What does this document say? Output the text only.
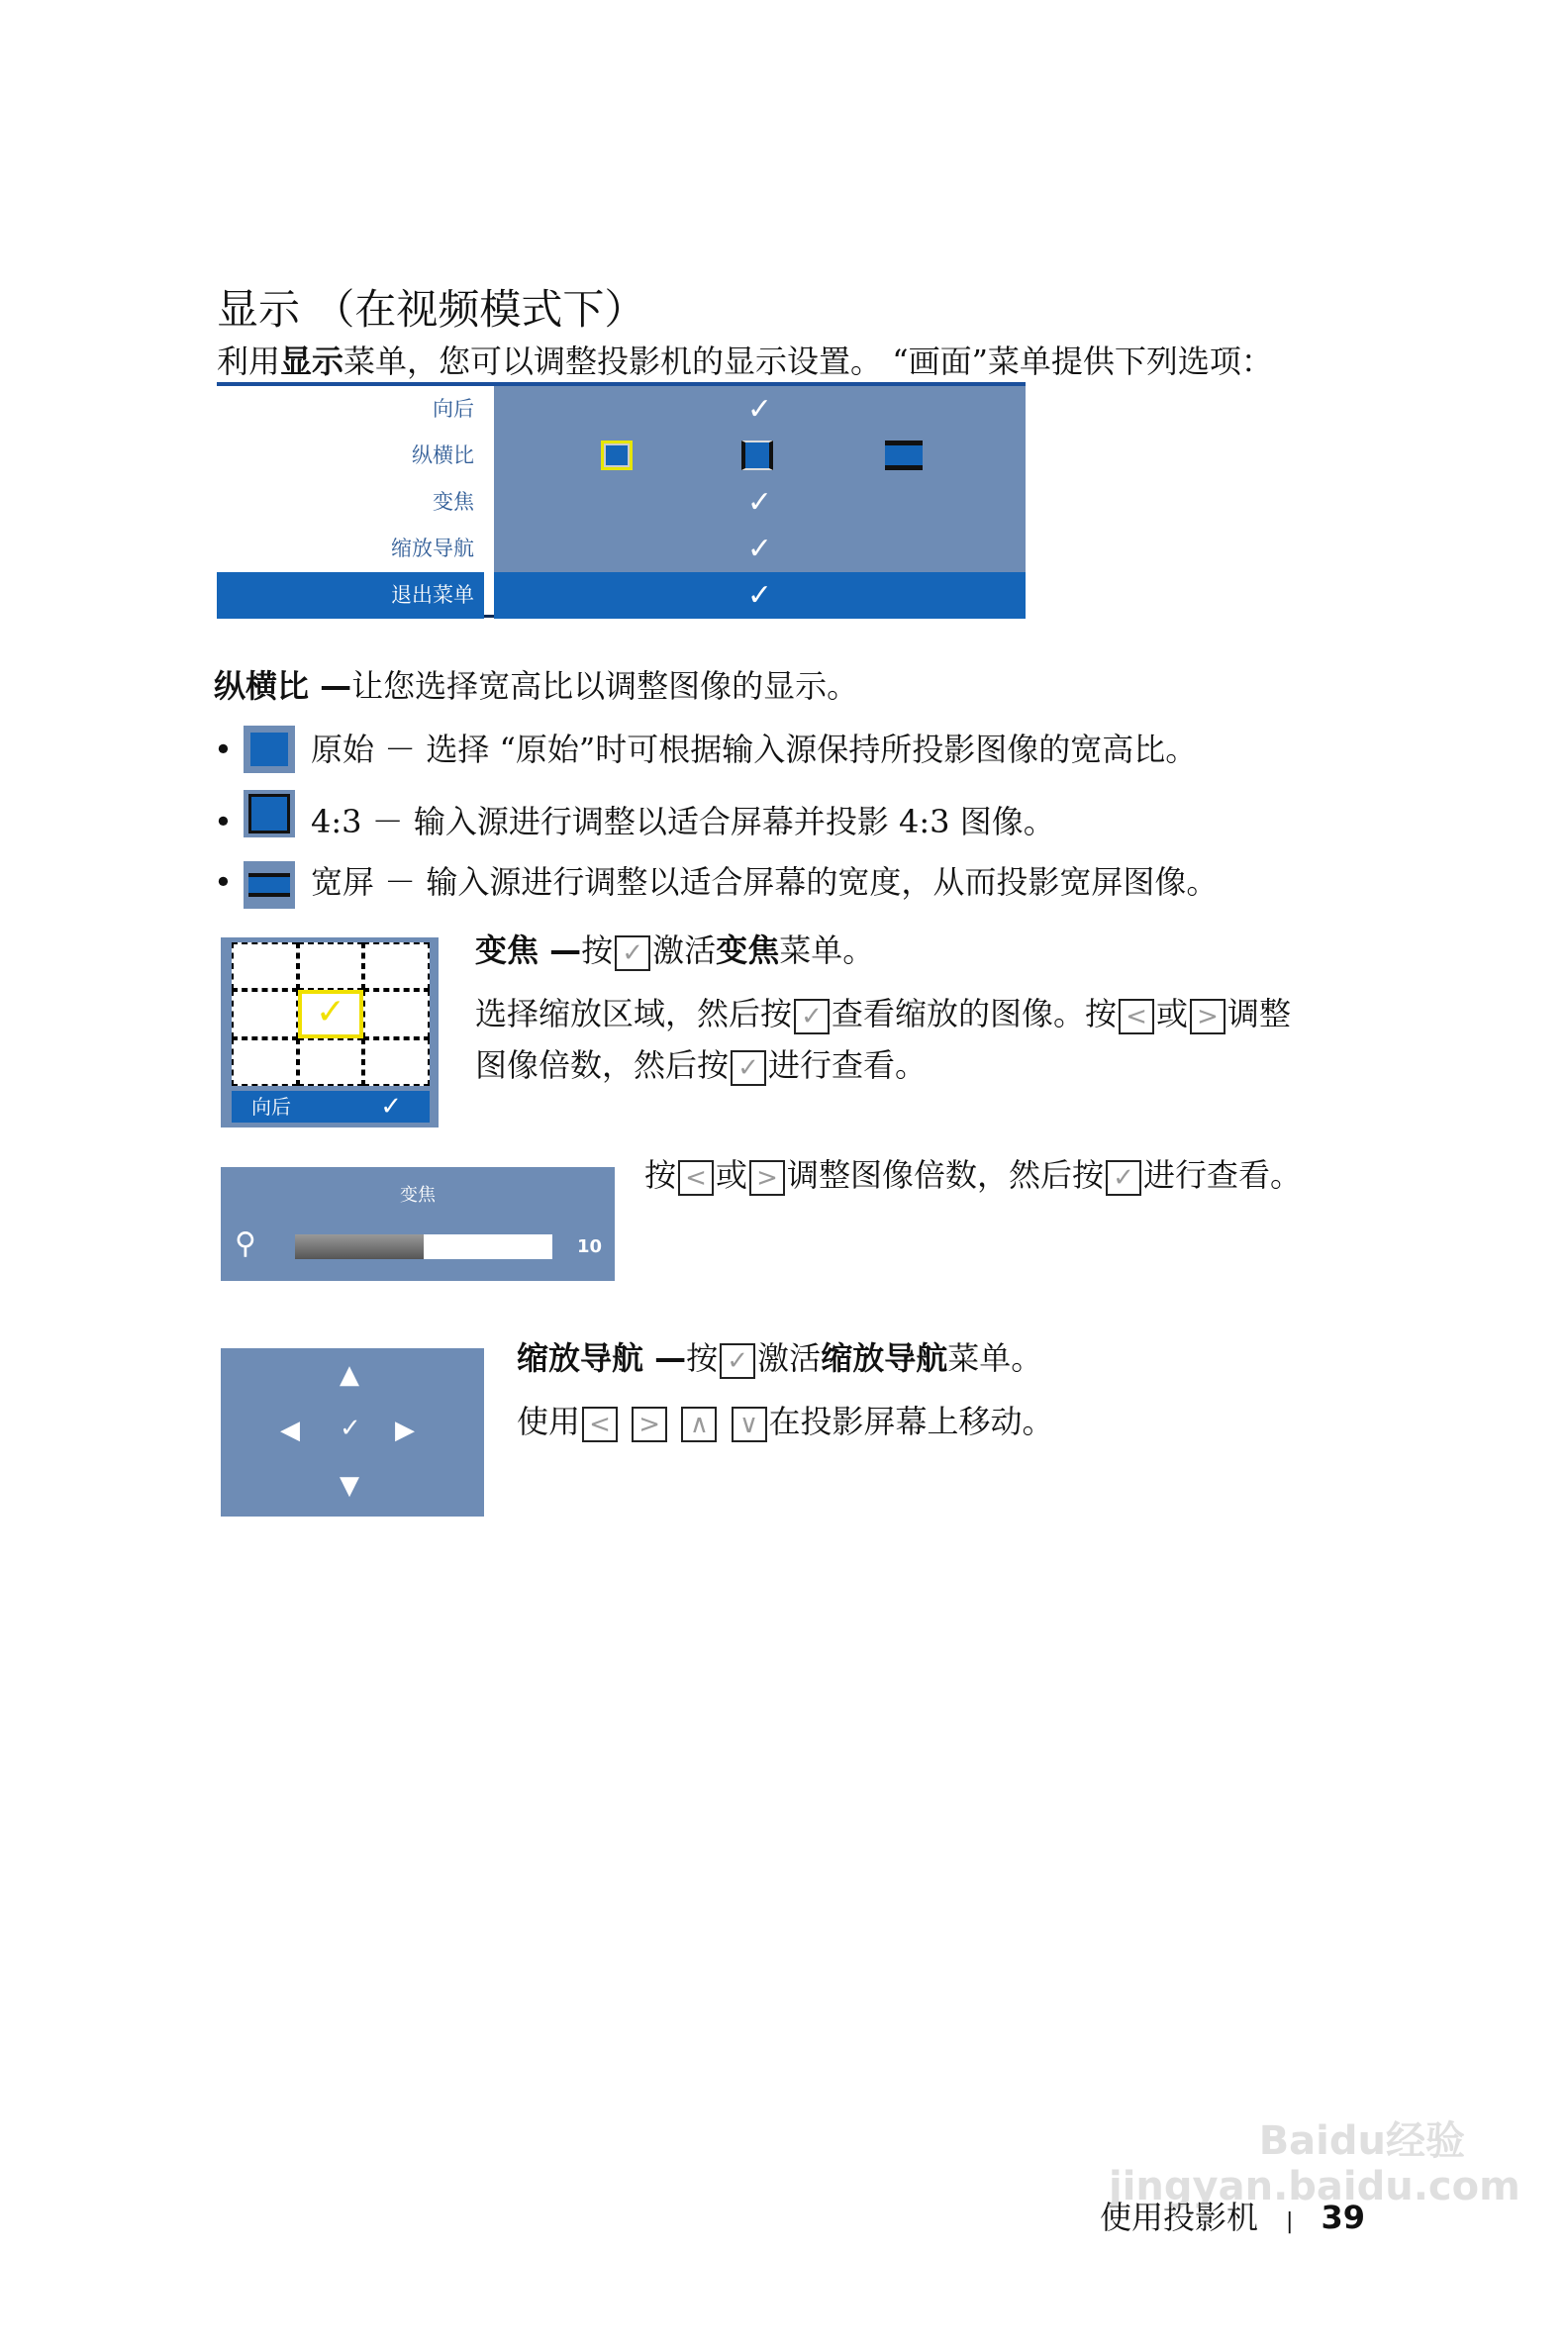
显示 （在视频模式下）
利用显示菜单，您可以调整投影机的显示设置。 “画面”菜单提供下列选项：
向后	✓
纵横比
变焦	✓
缩放导航	✓
退出菜单	✓
纵横比 —让您选择宽高比以调整图像的显示。
• 原始 － 选择 “原始”时可根据输入源保持所投影图像的宽高比。
• 4:3 － 输入源进行调整以适合屏幕并投影 4:3 图像。
• 宽屏 － 输入源进行调整以适合屏幕的宽度，从而投影宽屏图像。
✓
向后	✓
变焦 —按 ✓ 激活变焦菜单。
选择缩放区域，然后按 ✓ 查看缩放的图像。按 < 或 > 调整
图像倍数，然后按 ✓ 进行查看。
变焦
⚲	10
按 < 或 > 调整图像倍数，然后按 ✓ 进行查看。
▲
◀ ✓ ▶
▼
缩放导航 —按 ✓ 激活缩放导航菜单。
使用 < > ∧ ∨ 在投影屏幕上移动。
使用投影机 | 39
Baidu经验 jingyan.baidu.com
